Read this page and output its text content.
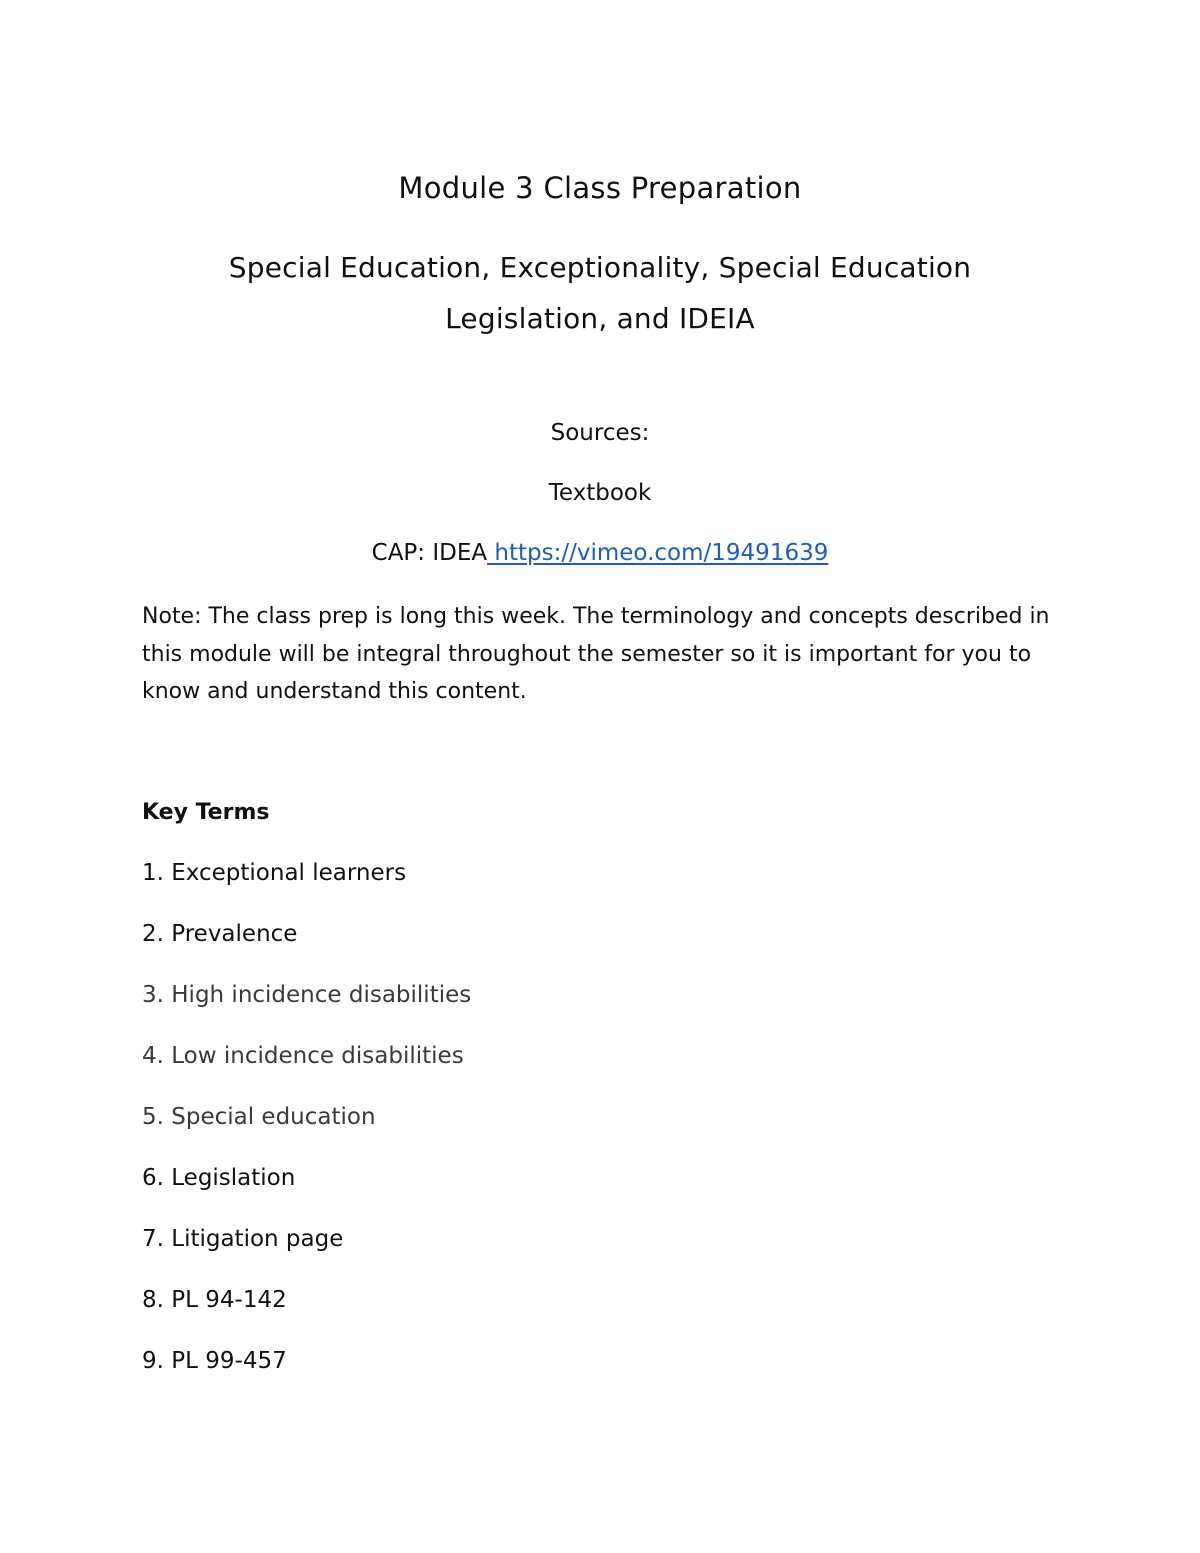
Module 3 Class Preparation
Special Education, Exceptionality, Special Education
Legislation, and IDEIA
Sources:
Textbook
CAP: IDEA https://vimeo.com/19491639
Note: The class prep is long this week. The terminology and concepts described in this module will be integral throughout the semester so it is important for you to know and understand this content.
Key Terms
1. Exceptional learners
2. Prevalence
3. High incidence disabilities
4. Low incidence disabilities
5. Special education
6. Legislation
7. Litigation page
8. PL 94-142
9. PL 99-457
